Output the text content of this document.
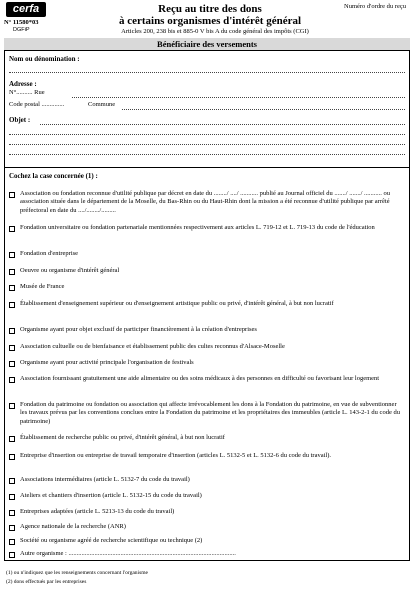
cerfa
N° 11580*03
DGFiP
Reçu au titre des dons
à certains organismes d'intérêt général
Articles 200, 238 bis et 885-0 V bis A du code général des impôts (CGI)
Numéro d'ordre du reçu
Bénéficiaire des versements
Nom ou dénomination :
Adresse :
N°.......... Rue
Code postal ..............	Commune
Objet :
Cochez la case concernée (1) :
Association ou fondation reconnue d'utilité publique par décret en date du ......../ ..../ ........... publié au Journal officiel du ......./ ......./ ........... ou association située dans le département de la Moselle, du Bas-Rhin ou du Haut-Rhin dont la mission a été reconnue d'utilité publique par arrêté préfectoral en date du ..../......../.........
Fondation universitaire ou fondation partenariale mentionnées respectivement aux articles L. 719-12 et L. 719-13 du code de l'éducation
Fondation d'entreprise
Oeuvre ou organisme d'intérêt général
Musée de France
Établissement d'enseignement supérieur ou d'enseignement artistique public ou privé, d'intérêt général, à but non lucratif
Organisme ayant pour objet exclusif de participer financièrement à la création d'entreprises
Association cultuelle ou de bienfaisance et établissement public des cultes reconnus d'Alsace-Moselle
Organisme ayant pour activité principale l'organisation de festivals
Association fournissant gratuitement une aide alimentaire ou des soins médicaux à des personnes en difficulté ou favorisant leur logement
Fondation du patrimoine ou fondation ou association qui affecte irrévocablement les dons à la Fondation du patrimoine, en vue de subventionner les travaux prévus par les conventions conclues entre la Fondation du patrimoine et les propriétaires des immeubles (article L. 143-2-1 du code du patrimoine)
Établissement de recherche public ou privé, d'intérêt général, à but non lucratif
Entreprise d'insertion ou entreprise de travail temporaire d'insertion (articles L. 5132-5 et L. 5132-6 du code du travail).
Associations intermédiaires (article L. 5132-7 du code du travail)
Ateliers et chantiers d'insertion (article L. 5132-15 du code du travail)
Entreprises adaptées (article L. 5213-13 du code du travail)
Agence nationale de la recherche (ANR)
Société ou organisme agréé de recherche scientifique ou technique (2)
Autre organisme : .......................................................................................................
(1) ou n'indiquez que les renseignements concernant l'organisme
(2) dons effectués par les entreprises
